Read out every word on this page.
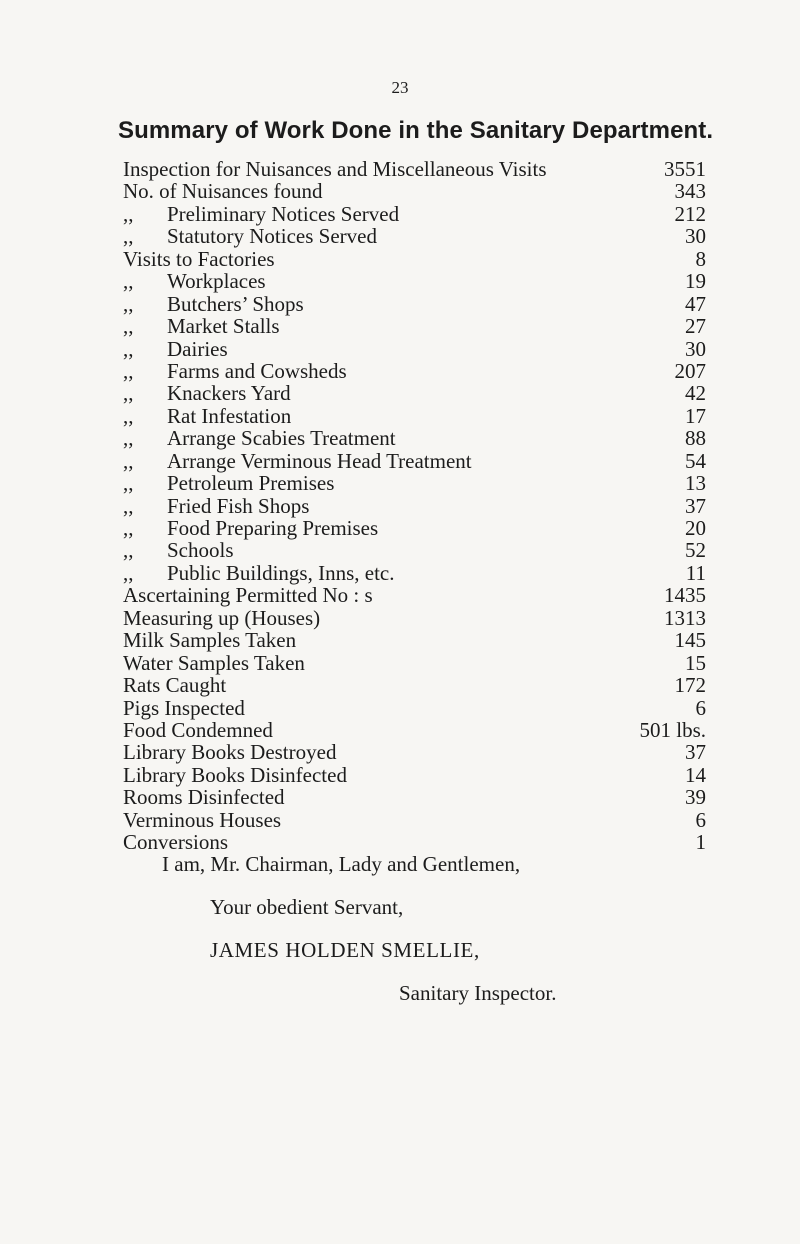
23
Summary of Work Done in the Sanitary Department.
Inspection for Nuisances and Miscellaneous Visits	3551
No. of Nuisances found	343
,, Preliminary Notices Served	212
,, Statutory Notices Served	30
Visits to Factories	8
,, Workplaces	19
,, Butchers’ Shops	47
,, Market Stalls	27
,, Dairies	30
,, Farms and Cowsheds	207
,, Knackers Yard	42
,, Rat Infestation	17
,, Arrange Scabies Treatment	88
,, Arrange Verminous Head Treatment	54
,, Petroleum Premises	13
,, Fried Fish Shops	37
,, Food Preparing Premises	20
,, Schools	52
,, Public Buildings, Inns, etc.	11
Ascertaining Permitted No : s	1435
Measuring up (Houses)	1313
Milk Samples Taken	145
Water Samples Taken	15
Rats Caught	172
Pigs Inspected	6
Food Condemned	501 lbs.
Library Books Destroyed	37
Library Books Disinfected	14
Rooms Disinfected	39
Verminous Houses	6
Conversions	1
I am, Mr. Chairman, Lady and Gentlemen,
Your obedient Servant,
JAMES HOLDEN SMELLIE,
Sanitary Inspector.
